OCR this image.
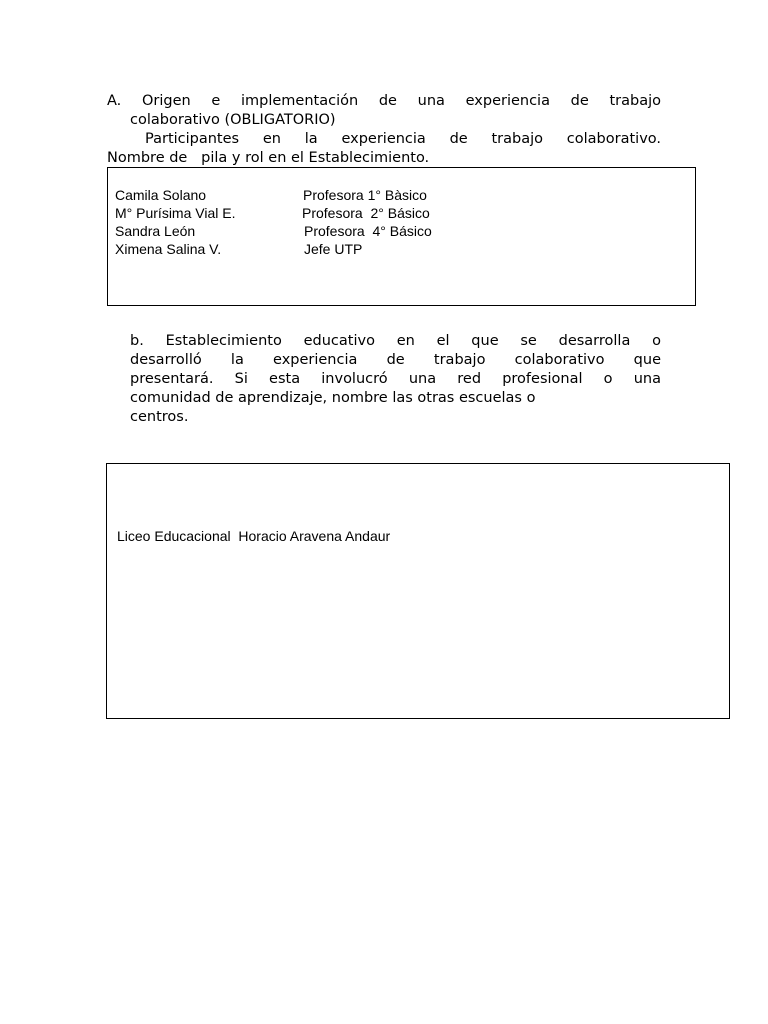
A. Origen e implementación de una experiencia de trabajo
colaborativo (OBLIGATORIO)
Participantes en la experiencia de trabajo colaborativo.
Nombre de   pila y rol en el Establecimiento.
Camila Solano	Profesora 1° Bàsico
M° Purísima Vial E.	Profesora  2° Básico
Sandra León	Profesora  4° Básico
Ximena Salina V.	Jefe UTP
b. Establecimiento educativo en el que se desarrolla o
desarrolló la experiencia de trabajo colaborativo que
presentará. Si esta involucró una red profesional o una
comunidad de aprendizaje, nombre las otras escuelas o
centros.
Liceo Educacional  Horacio Aravena Andaur
